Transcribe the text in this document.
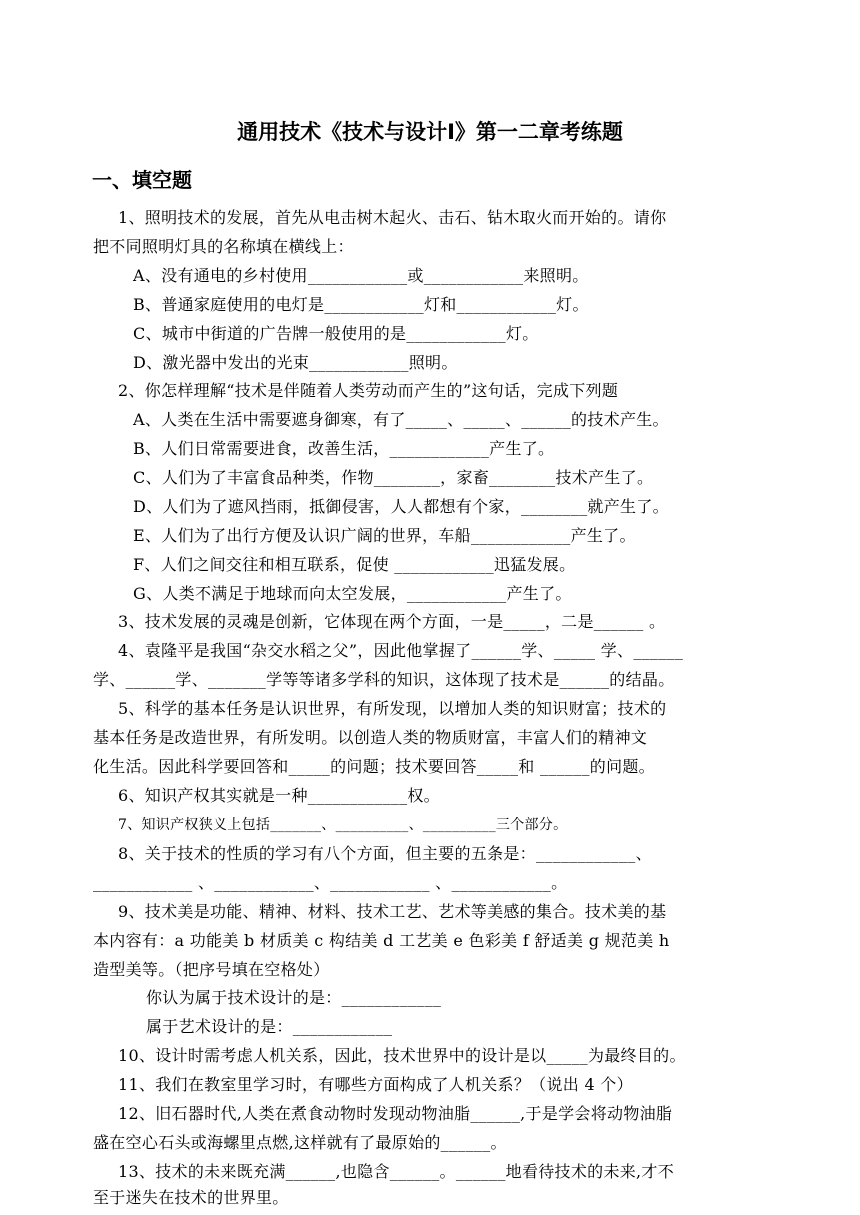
通用技术《技术与设计Ⅰ》第一二章考练题
一、填空题
1、照明技术的发展，首先从电击树木起火、击石、钻木取火而开始的。请你
把不同照明灯具的名称填在横线上：
A、没有通电的乡村使用____________或____________来照明。
B、普通家庭使用的电灯是____________灯和____________灯。
C、城市中街道的广告牌一般使用的是____________灯。
D、激光器中发出的光束____________照明。
2、你怎样理解“技术是伴随着人类劳动而产生的”这句话，完成下列题
A、人类在生活中需要遮身御寒，有了_____、_____、______的技术产生。
B、人们日常需要进食，改善生活，____________产生了。
C、人们为了丰富食品种类，作物________，家畜________技术产生了。
D、人们为了遮风挡雨，抵御侵害，人人都想有个家，________就产生了。
E、人们为了出行方便及认识广阔的世界，车船____________产生了。
F、人们之间交往和相互联系，促使 ____________迅猛发展。
G、人类不满足于地球而向太空发展，____________产生了。
3、技术发展的灵魂是创新，它体现在两个方面，一是_____，二是______ 。
4、袁隆平是我国“杂交水稻之父”，因此他掌握了______学、_____ 学、______
学、______学、_______学等等诸多学科的知识，这体现了技术是______的结晶。
5、科学的基本任务是认识世界，有所发现，以增加人类的知识财富；技术的
基本任务是改造世界，有所发明。以创造人类的物质财富，丰富人们的精神文
化生活。因此科学要回答和_____的问题；技术要回答_____和 ______的问题。
6、知识产权其实就是一种____________权。
7、知识产权狭义上包括_______、__________、__________三个部分。
8、关于技术的性质的学习有八个方面，但主要的五条是：____________、
____________ 、____________、____________ 、____________。
9、技术美是功能、精神、材料、技术工艺、艺术等美感的集合。技术美的基
本内容有：a 功能美 b 材质美 c 构结美 d 工艺美 e 色彩美 f 舒适美 g 规范美 h
造型美等。（把序号填在空格处）
你认为属于技术设计的是：____________
属于艺术设计的是：____________
10、设计时需考虑人机关系，因此，技术世界中的设计是以_____为最终目的。
11、我们在教室里学习时，有哪些方面构成了人机关系？（说出 4 个）
12、旧石器时代,人类在煮食动物时发现动物油脂______,于是学会将动物油脂
盛在空心石头或海螺里点燃,这样就有了最原始的______。
13、技术的未来既充满______,也隐含______。______地看待技术的未来,才不
至于迷失在技术的世界里。
